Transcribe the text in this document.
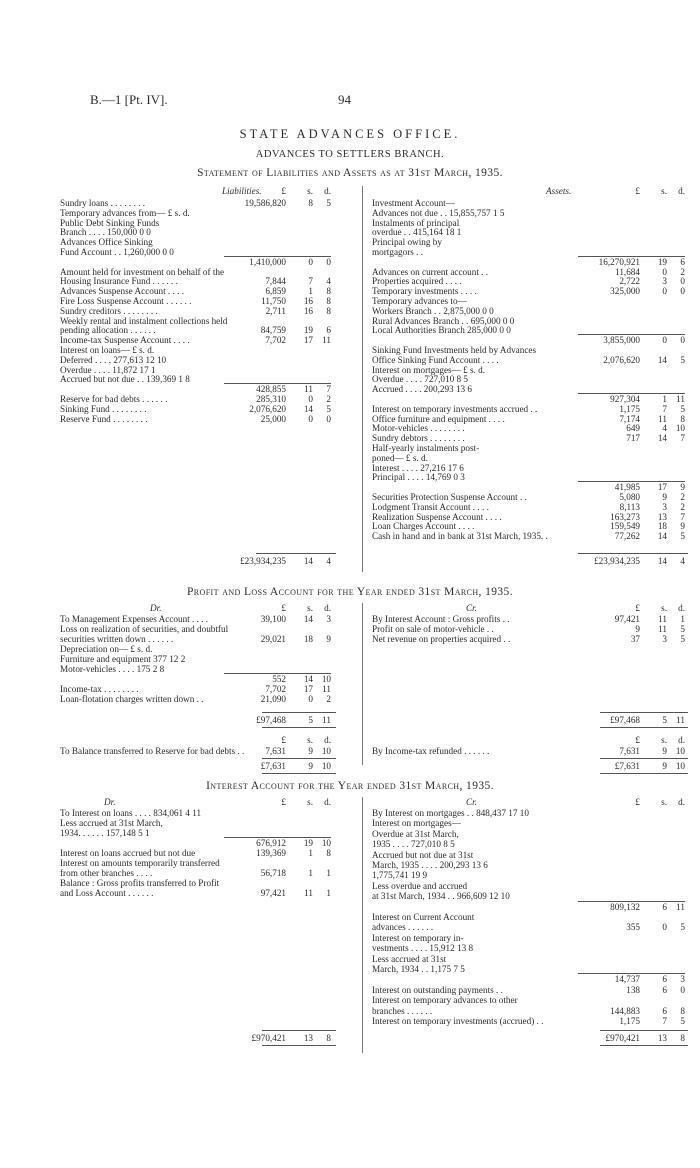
B.—1 [Pt. IV].	94
STATE ADVANCES OFFICE.
ADVANCES TO SETTLERS BRANCH.
Statement of Liabilities and Assets as at 31st March, 1935.
Liabilities.	Assets.
£	s.	d.	£	s.	d.
Sundry loans . . . . . . . .	19,586,820	8	5
Temporary advances from— £ s. d.
Public Debt Sinking Funds
Branch . . . . 150,000 0 0
Advances Office Sinking
Fund Account . . 1,260,000 0 0
1,410,000	0	0
Amount held for investment on behalf of the
Housing Insurance Fund . . . . . .	7,844	7	4
Advances Suspense Account . . . .	6,859	1	8
Fire Loss Suspense Account . . . . . .	11,750	16	8
Sundry creditors . . . . . . . .	2,711	16	8
Weekly rental and instalment collections held
pending allocation . . . . . .	84,759	19	6
Income-tax Suspense Account . . . .	7,702	17 11
Interest on loans— £ s. d.
Deferred . . . . 277,613 12 10
Overdue . . . . 11,872 17 1
Accrued but not due . . 139,369 1 8
428,855	11	7
Reserve for bad debts . . . . . .	285,310	0	2
Sinking Fund . . . . . . . .	2,076,620	14	5
Reserve Fund . . . . . . . .	25,000	0	0
£23,934,235	14	4
Investment Account—
Advances not due . . 15,855,757 1 5
Instalments of principal
overdue . . 415,164 18 1
Principal owing by
mortgagors . .
16,270,921	19	6
Advances on current account . .	11,684	0	2
Properties acquired . . . .	2,722	3	0
Temporary investments . . . .	325,000	0	0
Temporary advances to—
Workers Branch . . 2,875,000 0 0
Rural Advances Branch . . 695,000 0 0
Local Authorities Branch 285,000 0 0
3,855,000	0	0
Sinking Fund Investments held by Advances
Office Sinking Fund Account . . . .	2,076,620	14	5
Interest on mortgages— £ s. d.
Overdue . . . . 727,010 8 5
Accrued . . . . 200,293 13 6
927,304	1 11
Interest on temporary investments accrued . .	1,175	7	5
Office furniture and equipment . . . .	7,174	11	8
Motor-vehicles . . . . . . . .	649	4 10
Sundry debtors . . . . . . . .	717	14	7
Half-yearly instalments post-
poned— £ s. d.
Interest . . . . 27,216 17 6
Principal . . . . 14,769 0 3
41,985	17	9
Securities Protection Suspense Account . .	5,080	9	2
Lodgment Transit Account . . . .	8,113	3	2
Realization Suspense Account . . . .	163,273	13	7
Loan Charges Account . . . .	159,549	18	9
Cash in hand and in bank at 31st March, 1935. .	77,262	14	5
£23,934,235	14	4
Profit and Loss Account for the Year ended 31st March, 1935.
Dr.	Cr.
£	s.	d.	£	s.	d.
To Management Expenses Account . . . .	39,100	14	3
Loss on realization of securities, and doubtful
securities written down . . . . . .	29,021	18	9
Depreciation on— £ s. d.
Furniture and equipment 377 12 2
Motor-vehicles . . . . 175 2 8
552	14 10
Income-tax . . . . . . . .	7,702	17 11
Loan-flotation charges written down . .	21,090	0	2
By Interest Account : Gross profits . .	97,421	11	1
Profit on sale of motor-vehicle . .	9	11	5
Net revenue on properties acquired . .	37	3	5
£97,468	5 11	£97,468	5 11
£	s.	d.	£	s.	d.
To Balance transferred to Reserve for bad debts . .	7,631	9 10	By Income-tax refunded . . . . . .	7,631	9 10
£7,631	9 10	£7,631	9 10
Interest Account for the Year ended 31st March, 1935.
Dr.	Cr.
£	s.	d.	£	s.	d.
To Interest on loans . . . . 834,061 4 11
Less accrued at 31st March,
1934. . . . . . 157,148 5 1
676,912	19 10
Interest on loans accrued but not due	139,369	1	8
Interest on amounts temporarily transferred
from other branches . . . .	56,718	1	1
Balance : Gross profits transferred to Profit
and Loss Account . . . . . .	97,421	11	1
By Interest on mortgages . . 848,437 17 10
Interest on mortgages—
Overdue at 31st March,
1935 . . . . 727,010 8 5
Accrued but not due at 31st
March, 1935 . . . . 200,293 13 6
1,775,741 19 9
Less overdue and accrued
at 31st March, 1934 . . 966,609 12 10
809,132	6 11
Interest on Current Account
advances . . . . . .	355	0	5
Interest on temporary in-
vestments . . . . 15,912 13 8
Less accrued at 31st
March, 1934 . . 1,175 7 5
14,737	6	3
Interest on outstanding payments . .	138	6	0
Interest on temporary advances to other
branches . . . . . .	144,883	6	8
Interest on temporary investments (accrued) . .	1,175	7	5
£970,421	13	8	£970,421	13	8
